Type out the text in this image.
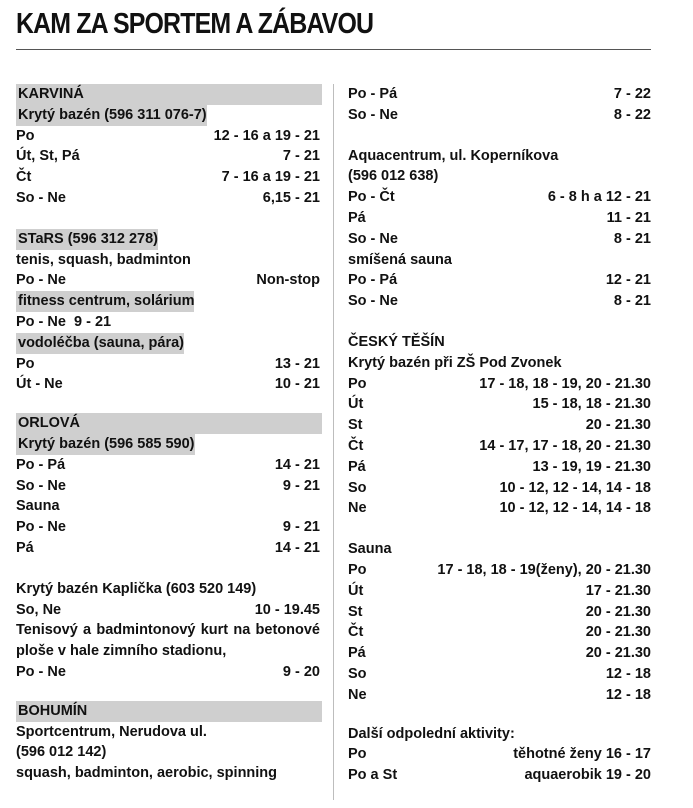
KAM ZA SPORTEM A ZÁBAVOU
KARVINÁ
Krytý bazén (596 311 076-7)
Po	12 - 16 a 19 - 21
Út, St, Pá	7 - 21
Čt	7 - 16 a 19 - 21
So - Ne	6,15 - 21
STaRS (596 312 278)
tenis, squash, badminton
Po - Ne	Non-stop
fitness centrum, solárium
Po - Ne 9 - 21
vodoléčba (sauna, pára)
Po	13 - 21
Út - Ne	10 - 21
ORLOVÁ
Krytý bazén (596 585 590)
Po - Pá	14 - 21
So - Ne	9 - 21
Sauna
Po - Ne	9 - 21
Pá	14 - 21
Krytý bazén Kaplička (603 520 149)
So, Ne	10 - 19.45
Tenisový a badmintonový kurt na betonové ploše v hale zimního stadionu,
Po - Ne	9 - 20
BOHUMÍN
Sportcentrum, Nerudova ul.
(596 012 142)
squash, badminton, aerobic, spinning
Po - Pá	7 - 22
So - Ne	8 - 22
Aquacentrum, ul. Koperníkova
(596 012 638)
Po - Čt	6 - 8 h a 12 - 21
Pá	11 - 21
So - Ne	8 - 21
smíšená sauna
Po - Pá	12 - 21
So - Ne	8 - 21
ČESKÝ TĚŠÍN
Krytý bazén při ZŠ Pod Zvonek
Po	17 - 18, 18 - 19, 20 - 21.30
Út	15 - 18, 18 - 21.30
St	20 - 21.30
Čt	14 - 17, 17 - 18, 20 - 21.30
Pá	13 - 19, 19 - 21.30
So	10 - 12, 12 - 14, 14 - 18
Ne	10 - 12, 12 - 14, 14 - 18
Sauna
Po	17 - 18, 18 - 19(ženy), 20 - 21.30
Út	17 - 21.30
St	20 - 21.30
Čt	20 - 21.30
Pá	20 - 21.30
So	12 - 18
Ne	12 - 18
Další odpolední aktivity:
Po	těhotné ženy 16 - 17
Po a St	aquaerobik 19 - 20
